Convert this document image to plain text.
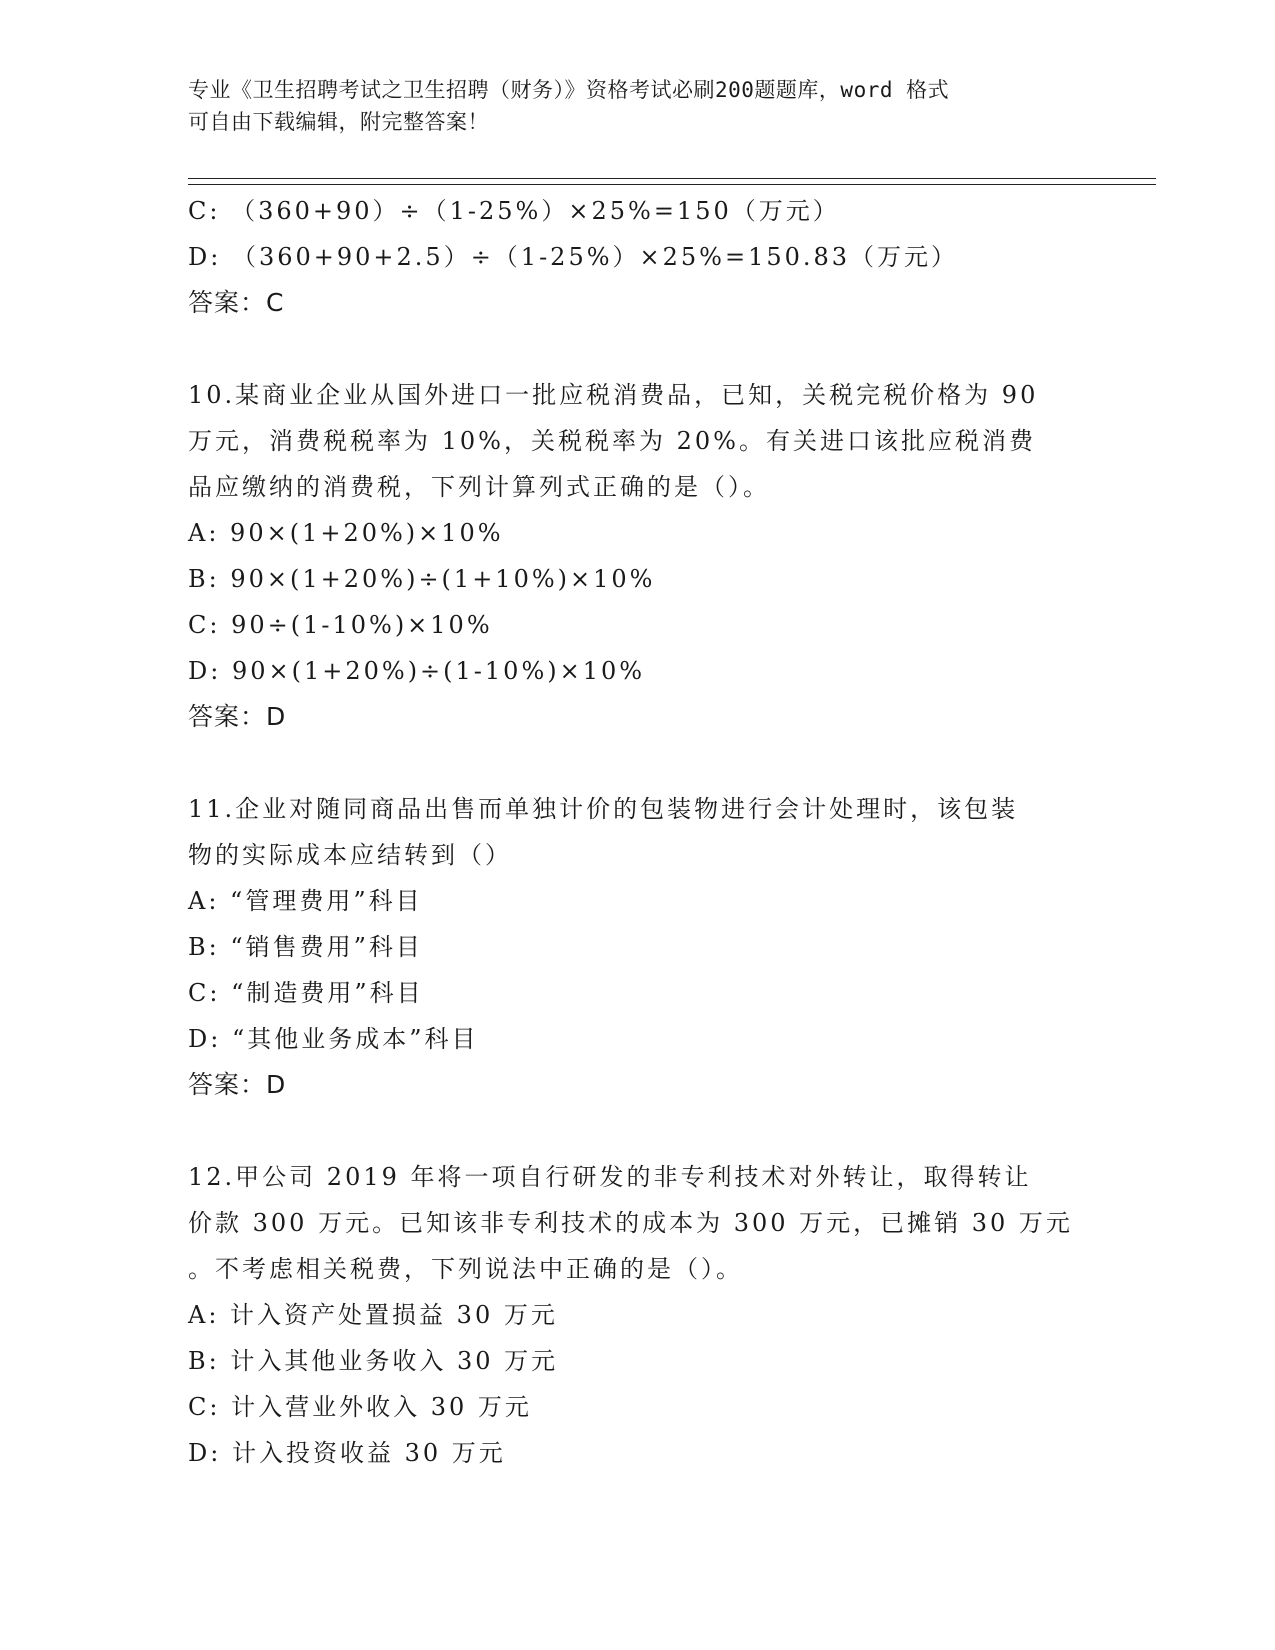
专业《卫生招聘考试之卫生招聘（财务）》资格考试必刷200题题库，word 格式
可自由下载编辑，附完整答案！
C: （360+90）÷（1-25%）×25%=150（万元）
D: （360+90+2.5）÷（1-25%）×25%=150.83（万元）
答案：C
10.某商业企业从国外进口一批应税消费品，已知，关税完税价格为 90
万元，消费税税率为 10%，关税税率为 20%。有关进口该批应税消费
品应缴纳的消费税，下列计算列式正确的是（）。
A: 90×(1+20%)×10%
B: 90×(1+20%)÷(1+10%)×10%
C: 90÷(1-10%)×10%
D: 90×(1+20%)÷(1-10%)×10%
答案：D
11.企业对随同商品出售而单独计价的包装物进行会计处理时，该包装
物的实际成本应结转到（）
A: “管理费用”科目
B: “销售费用”科目
C: “制造费用”科目
D: “其他业务成本”科目
答案：D
12.甲公司 2019 年将一项自行研发的非专利技术对外转让，取得转让
价款 300 万元。已知该非专利技术的成本为 300 万元，已摊销 30 万元
。不考虑相关税费，下列说法中正确的是（）。
A: 计入资产处置损益 30 万元
B: 计入其他业务收入 30 万元
C: 计入营业外收入 30 万元
D: 计入投资收益 30 万元
